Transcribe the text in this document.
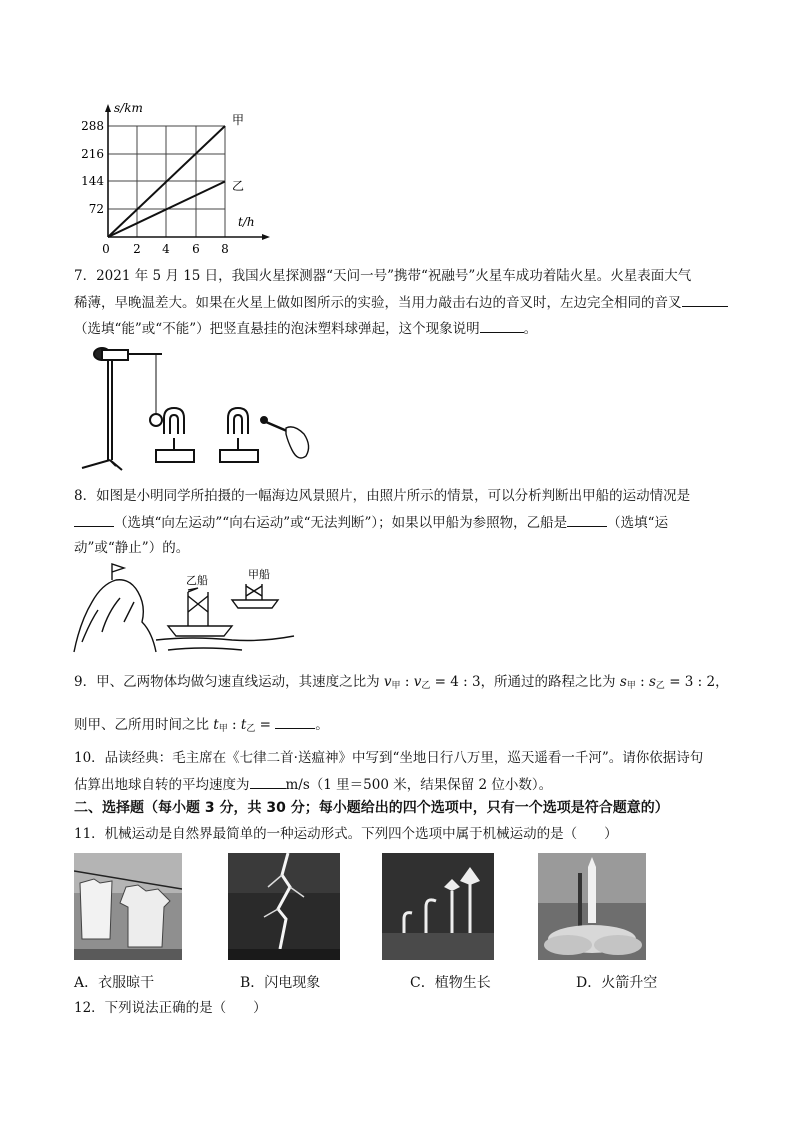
s/km
t/h
甲
乙
288
216
144
72
0 2 4 6 8
7．2021 年 5 月 15 日，我国火星探测器“天问一号”携带“祝融号”火星车成功着陆火星。火星表面大气
稀薄，早晚温差大。如果在火星上做如图所示的实验，当用力敲击右边的音叉时，左边完全相同的音叉
（选填“能”或“不能”）把竖直悬挂的泡沫塑料球弹起，这个现象说明	。
8．如图是小明同学所拍摄的一幅海边风景照片，由照片所示的情景，可以分析判断出甲船的运动情况是
（选填“向左运动”“向右运动”或“无法判断”）；如果以甲船为参照物，乙船是	（选填“运
动”或“静止”）的。
乙船	甲船
9．甲、乙两物体均做匀速直线运动，其速度之比为 $v_甲$ : $v_乙 = 4$ : 3，所通过的路程之比为 $s_甲$ : $s_乙 = 3$ : 2，
则甲、乙所用时间之比 $t_甲$ : $t_乙$ =	。
10．品读经典：毛主席在《七律二首·送瘟神》中写到“坐地日行八万里，巡天遥看一千河”。请你依据诗句
估算出地球自转的平均速度为	m/s（1 里＝500 米，结果保留 2 位小数）。
二、选择题（每小题 3 分，共 30 分；每小题给出的四个选项中，只有一个选项是符合题意的）
11．机械运动是自然界最简单的一种运动形式。下列四个选项中属于机械运动的是（　　）
A．衣服晾干	B．闪电现象	C．植物生长	D．火箭升空
12．下列说法正确的是（　　）
